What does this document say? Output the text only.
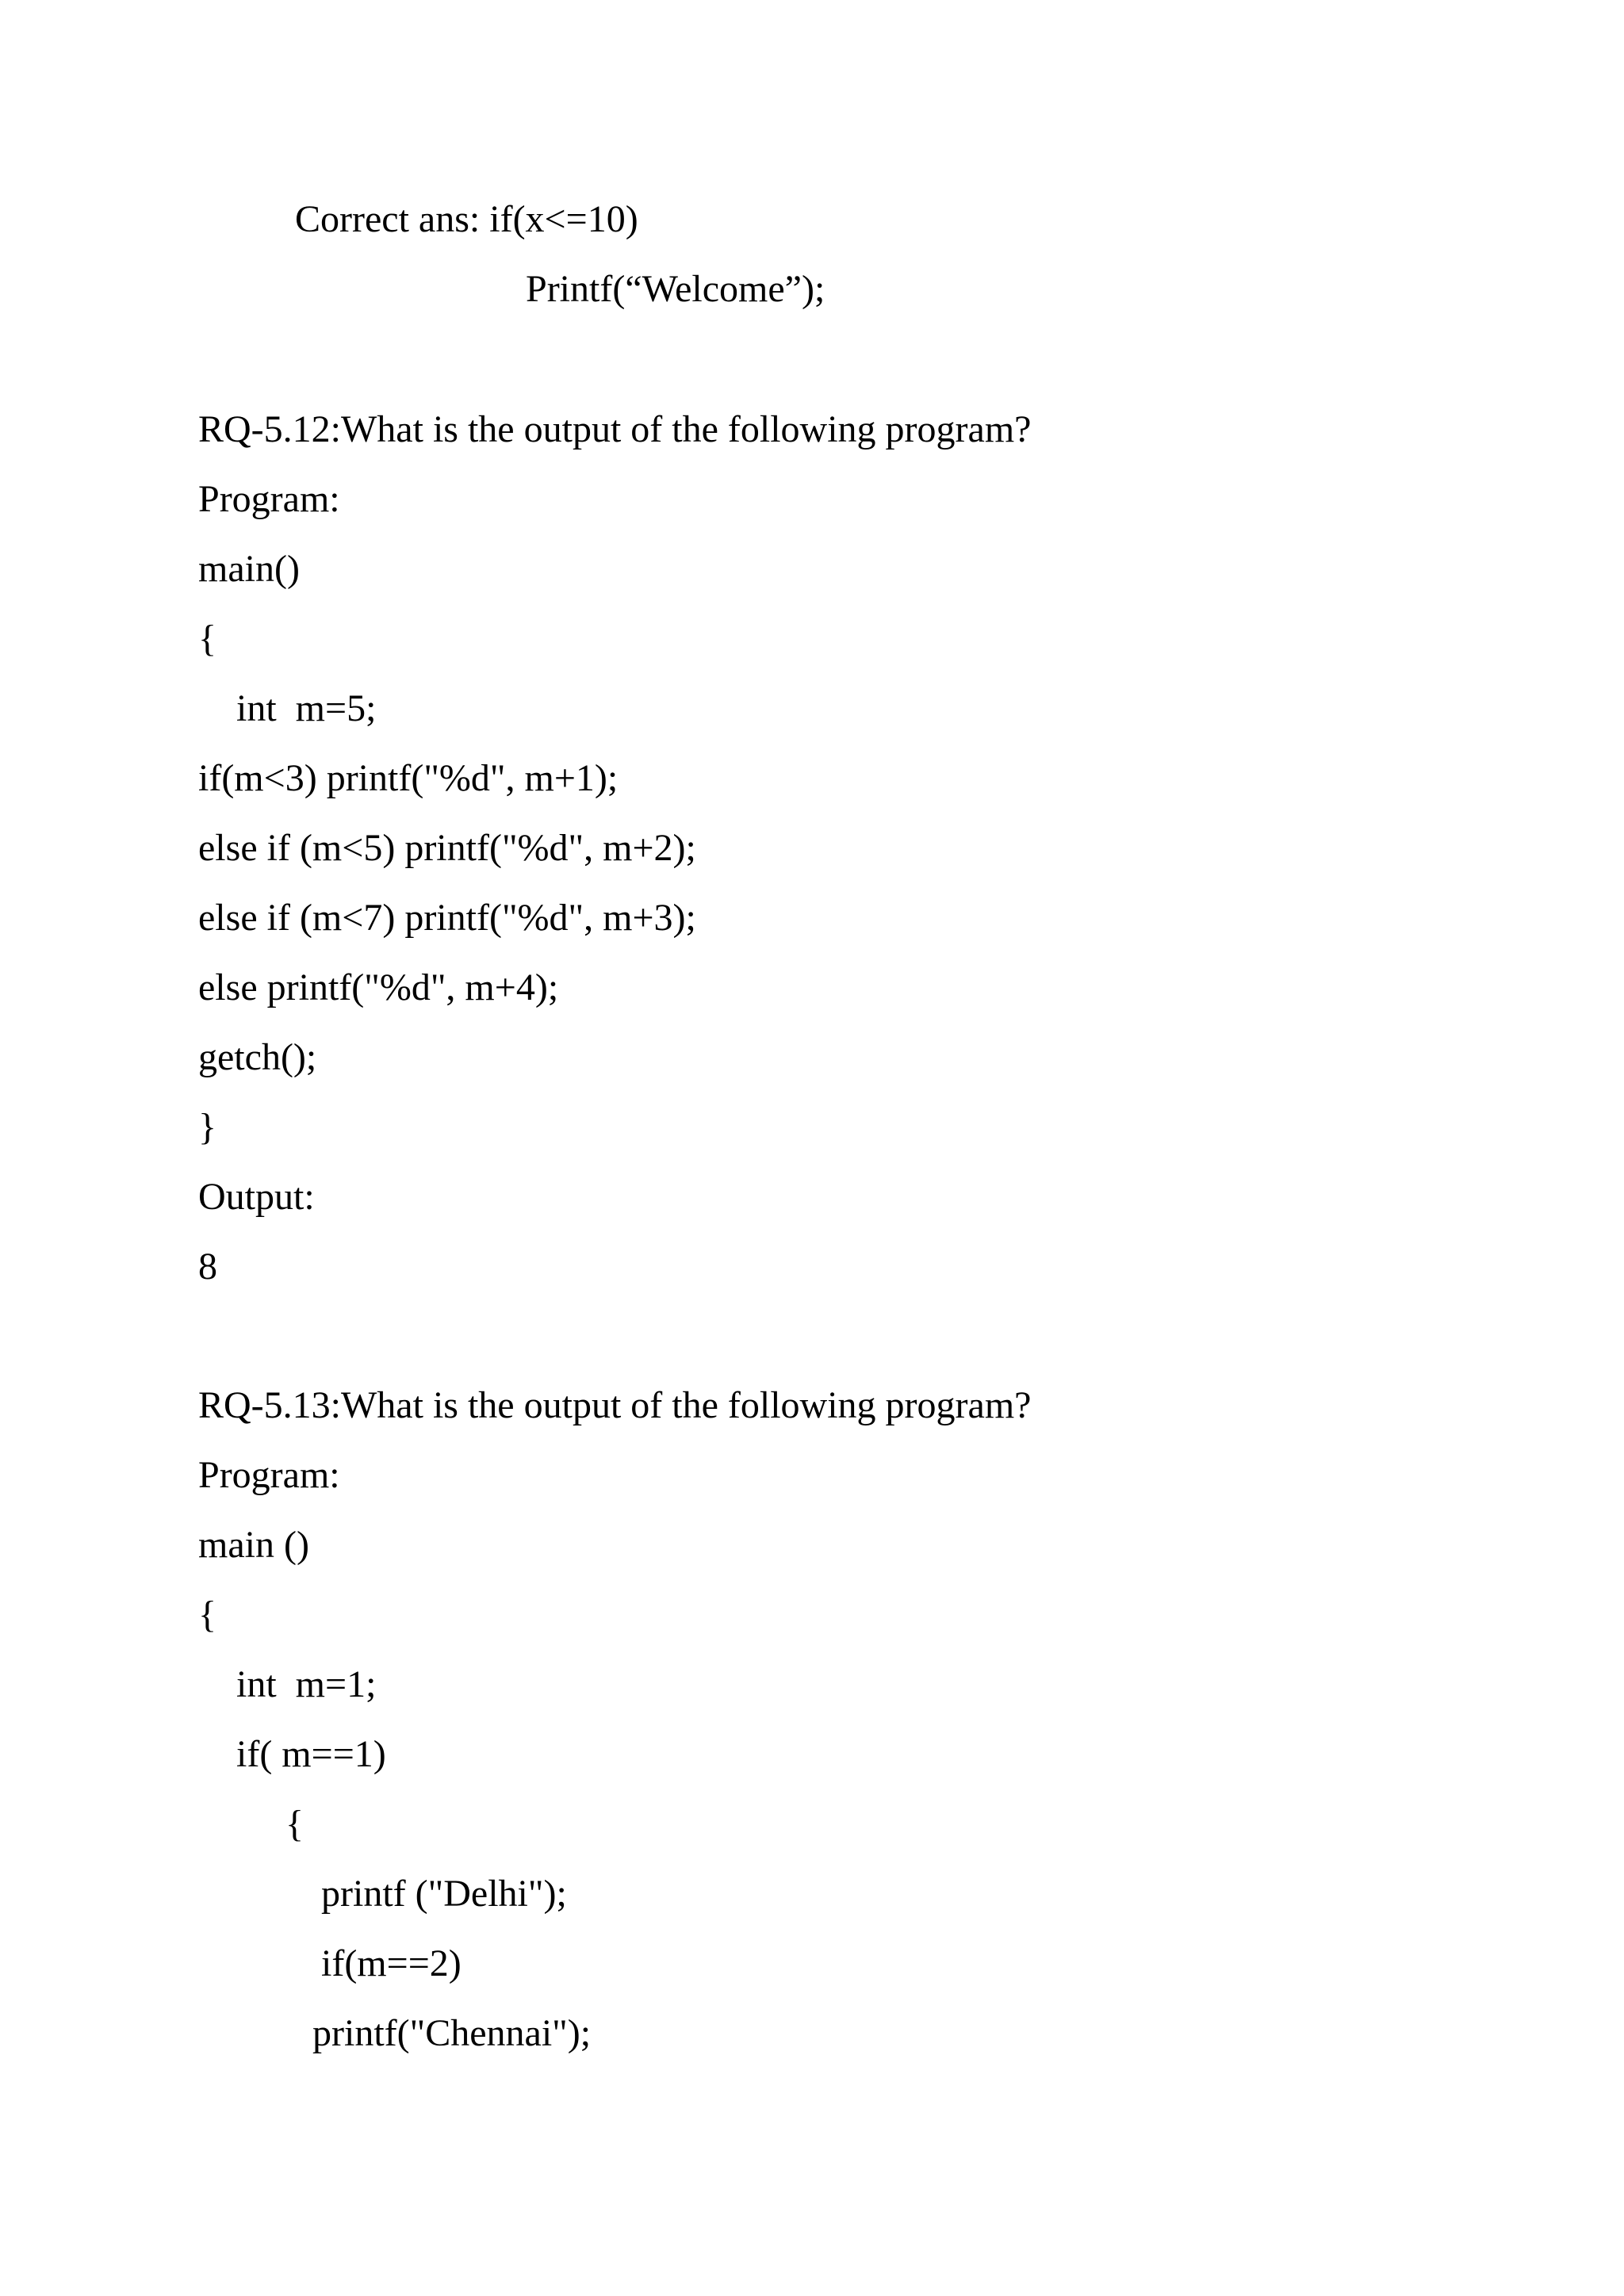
Correct ans: if(x<=10)

Printf(“Welcome”);

RQ-5.12:What is the output of the following program?

Program:

main()

{

int  m=5;

if(m<3) printf("%d", m+1);

else if (m<5) printf("%d", m+2);

else if (m<7) printf("%d", m+3);

else printf("%d", m+4);

getch();

}

Output:

8

RQ-5.13:What is the output of the following program?

Program:

main ()

{

int  m=1;

if( m==1)

{

printf ("Delhi");

if(m==2)

printf("Chennai");
